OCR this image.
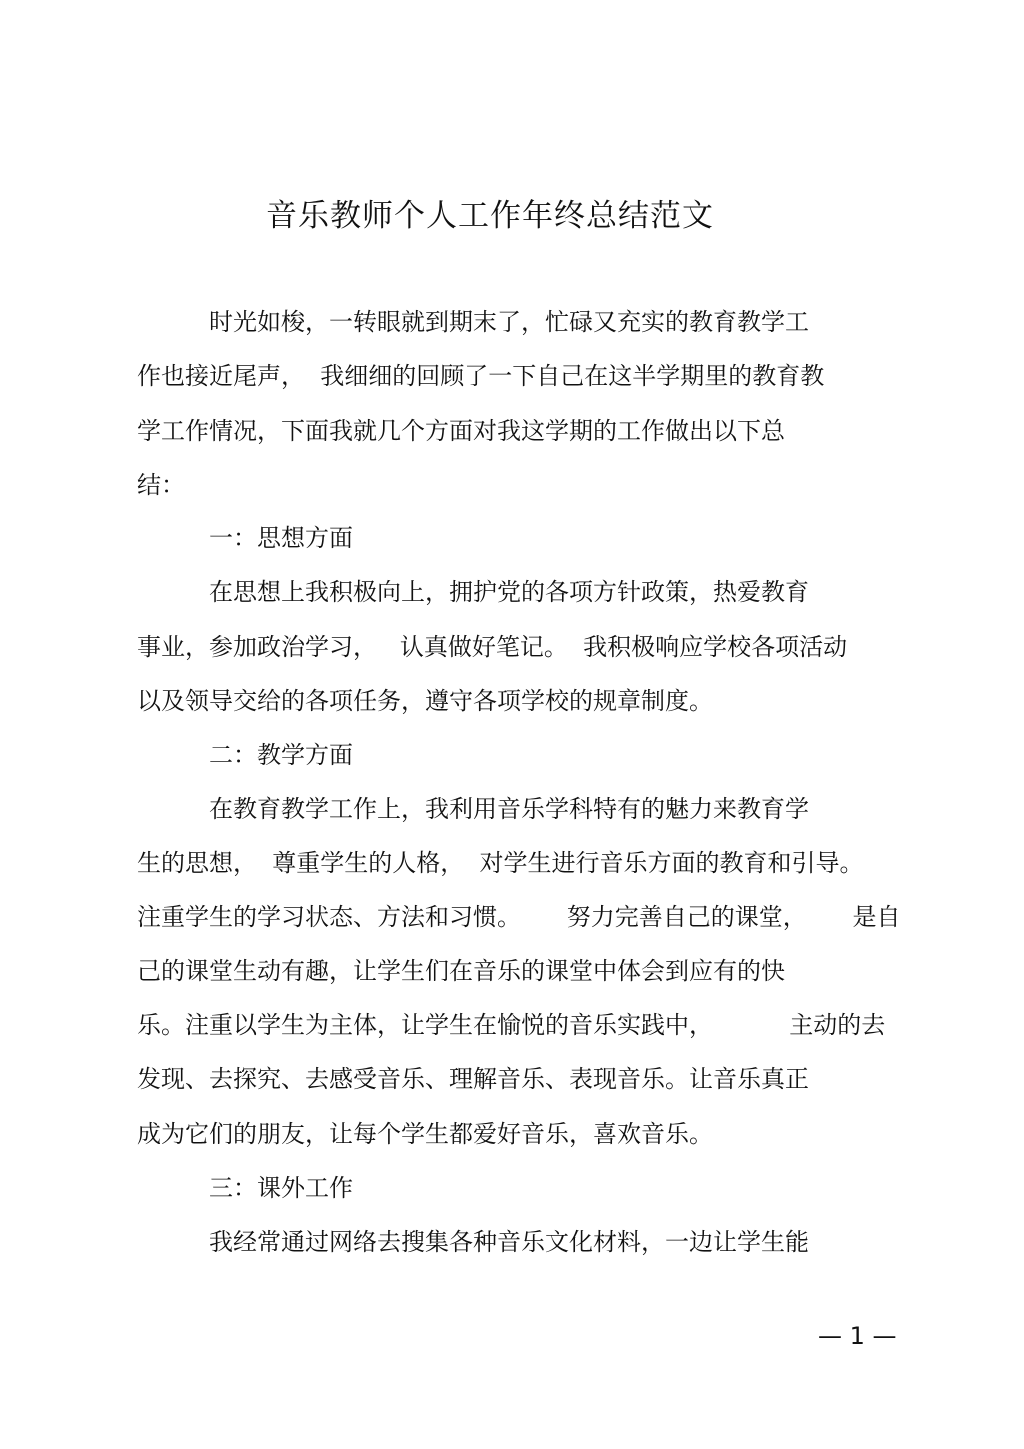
音乐教师个人工作年终总结范文
时光如梭，一转眼就到期末了，忙碌又充实的教育教学工
作也接近尾声，  我细细的回顾了一下自己在这半学期里的教育教
学工作情况，下面我就几个方面对我这学期的工作做出以下总
结：
一：思想方面
在思想上我积极向上，拥护党的各项方针政策，热爱教育
事业，参加政治学习，   认真做好笔记。  我积极响应学校各项活动
以及领导交给的各项任务，遵守各项学校的规章制度。
二：教学方面
在教育教学工作上，我利用音乐学科特有的魅力来教育学
生的思想，  尊重学生的人格，  对学生进行音乐方面的教育和引导。
注重学生的学习状态、方法和习惯。      努力完善自己的课堂，      是自
己的课堂生动有趣，让学生们在音乐的课堂中体会到应有的快
乐。注重以学生为主体，让学生在愉悦的音乐实践中，          主动的去
发现、去探究、去感受音乐、理解音乐、表现音乐。让音乐真正
成为它们的朋友，让每个学生都爱好音乐，喜欢音乐。
三：课外工作
我经常通过网络去搜集各种音乐文化材料，一边让学生能
— 1 —
